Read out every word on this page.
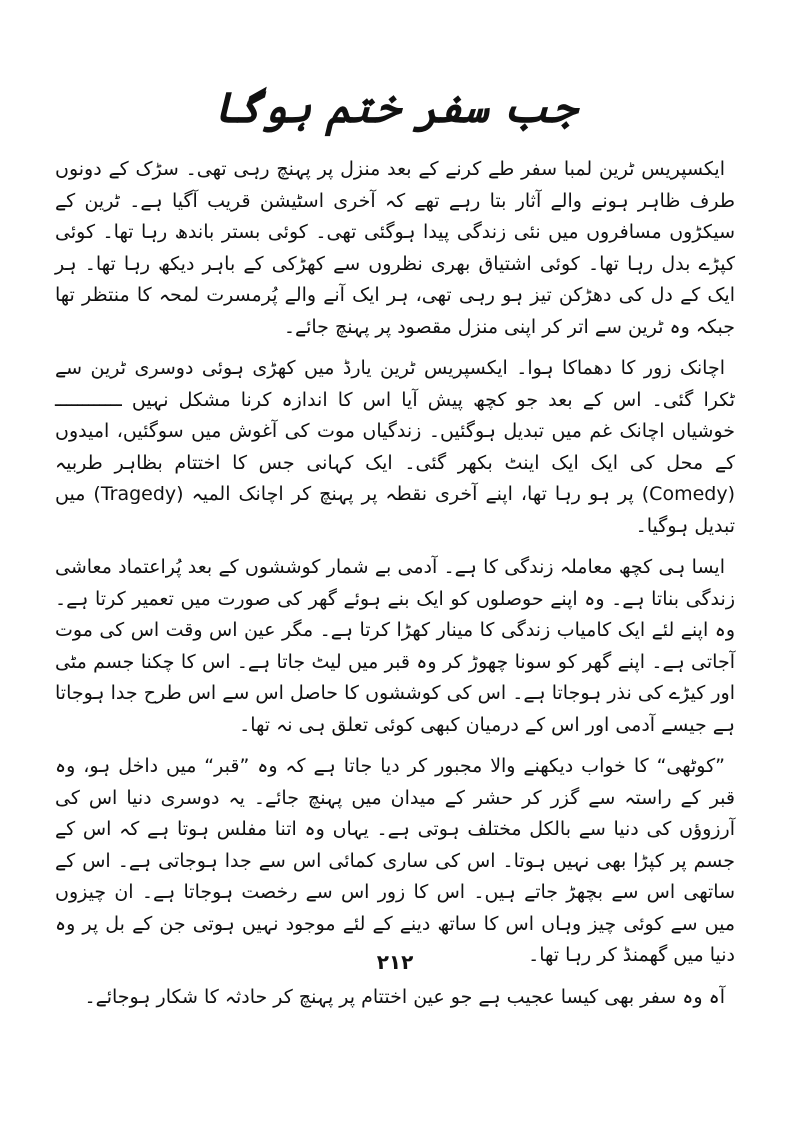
جب سفر ختم ہوگا

ایکسپریس ٹرین لمبا سفر طے کرنے کے بعد منزل پر پہنچ رہی تھی۔ سڑک کے دونوں طرف ظاہر ہونے والے آثار بتا رہے تھے کہ آخری اسٹیشن قریب آگیا ہے۔ ٹرین کے سیکڑوں مسافروں میں نئی زندگی پیدا ہوگئی تھی۔ کوئی بستر باندھ رہا تھا۔ کوئی کپڑے بدل رہا تھا۔ کوئی اشتیاق بھری نظروں سے کھڑکی کے باہر دیکھ رہا تھا۔ ہر ایک کے دل کی دھڑکن تیز ہو رہی تھی، ہر ایک آنے والے پُرمسرت لمحہ کا منتظر تھا جبکہ وہ ٹرین سے اتر کر اپنی منزل مقصود پر پہنچ جائے۔

اچانک زور کا دھماکا ہوا۔ ایکسپریس ٹرین یارڈ میں کھڑی ہوئی دوسری ٹرین سے ٹکرا گئی۔ اس کے بعد جو کچھ پیش آیا اس کا اندازہ کرنا مشکل نہیں ــــــــــــ خوشیاں اچانک غم میں تبدیل ہوگئیں۔ زندگیاں موت کی آغوش میں سوگئیں، امیدوں کے محل کی ایک ایک اینٹ بکھر گئی۔ ایک کہانی جس کا اختتام بظاہر طربیہ (Comedy) پر ہو رہا تھا، اپنے آخری نقطہ پر پہنچ کر اچانک المیہ (Tragedy) میں تبدیل ہوگیا۔

ایسا ہی کچھ معاملہ زندگی کا ہے۔ آدمی بے شمار کوششوں کے بعد پُراعتماد معاشی زندگی بناتا ہے۔ وہ اپنے حوصلوں کو ایک بنے ہوئے گھر کی صورت میں تعمیر کرتا ہے۔ وہ اپنے لئے ایک کامیاب زندگی کا مینار کھڑا کرتا ہے۔ مگر عین اس وقت اس کی موت آجاتی ہے۔ اپنے گھر کو سونا چھوڑ کر وہ قبر میں لیٹ جاتا ہے۔ اس کا چکنا جسم مٹی اور کیڑے کی نذر ہوجاتا ہے۔ اس کی کوششوں کا حاصل اس سے اس طرح جدا ہوجاتا ہے جیسے آدمی اور اس کے درمیان کبھی کوئی تعلق ہی نہ تھا۔

”کوٹھی“ کا خواب دیکھنے والا مجبور کر دیا جاتا ہے کہ وہ ”قبر“ میں داخل ہو، وہ قبر کے راستہ سے گزر کر حشر کے میدان میں پہنچ جائے۔ یہ دوسری دنیا اس کی آرزوؤں کی دنیا سے بالکل مختلف ہوتی ہے۔ یہاں وہ اتنا مفلس ہوتا ہے کہ اس کے جسم پر کپڑا بھی نہیں ہوتا۔ اس کی ساری کمائی اس سے جدا ہوجاتی ہے۔ اس کے ساتھی اس سے بچھڑ جاتے ہیں۔ اس کا زور اس سے رخصت ہوجاتا ہے۔ ان چیزوں میں سے کوئی چیز وہاں اس کا ساتھ دینے کے لئے موجود نہیں ہوتی جن کے بل پر وہ دنیا میں گھمنڈ کر رہا تھا۔

آہ وہ سفر بھی کیسا عجیب ہے جو عین اختتام پر پہنچ کر حادثہ کا شکار ہوجائے۔

۲۱۲
